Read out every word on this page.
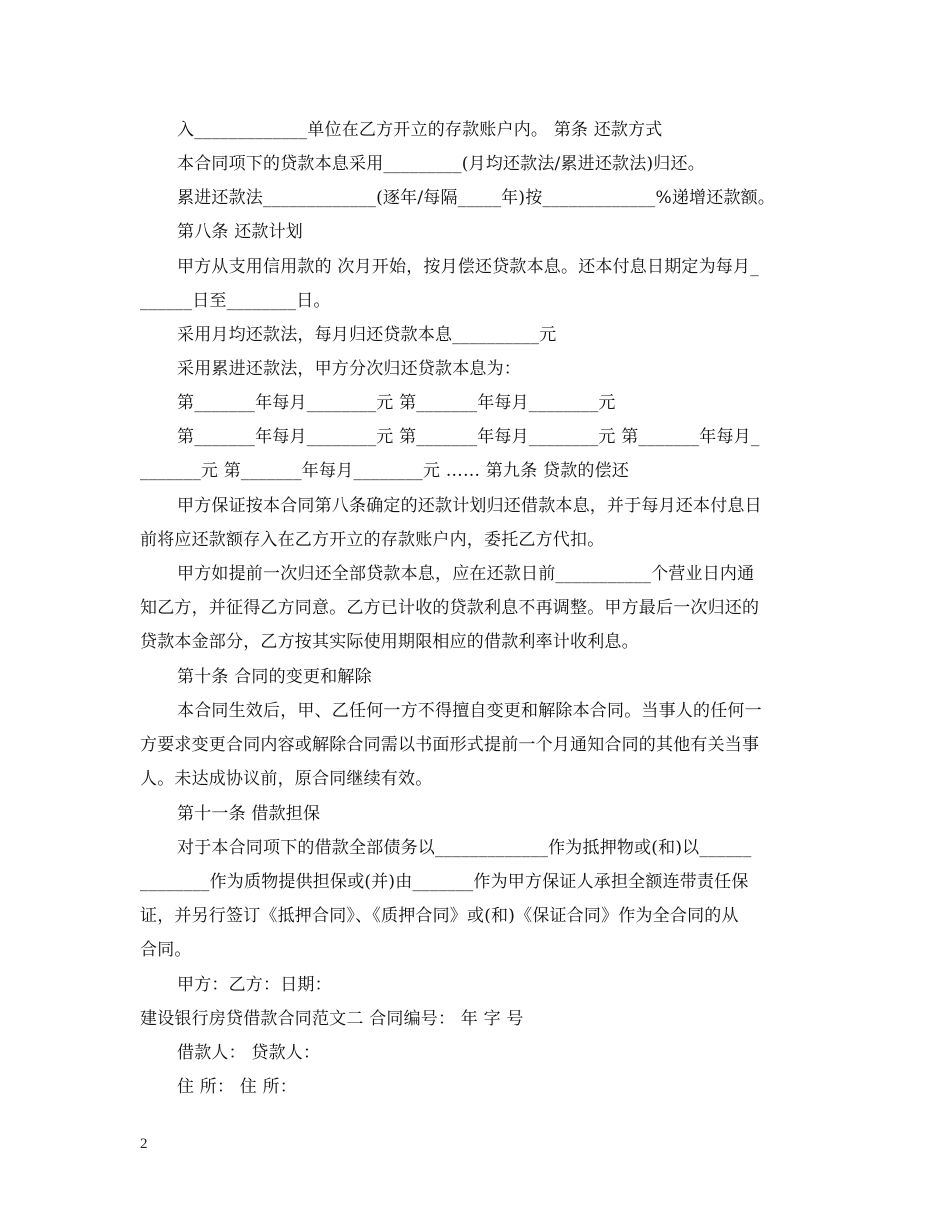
入_____________单位在乙方开立的存款账户内。 第条 还款方式
本合同项下的贷款本息采用_________(月均还款法/累进还款法)归还。
累进还款法_____________(逐年/每隔_____年)按_____________%递增还款额。
第八条 还款计划
甲方从支用信用款的 次月开始，按月偿还贷款本息。还本付息日期定为每月_
______日至________日。
采用月均还款法，每月归还贷款本息__________元
采用累进还款法，甲方分次归还贷款本息为：
第_______年每月________元 第_______年每月________元
第_______年每月________元 第_______年每月________元 第_______年每月_
_______元 第_______年每月________元 …… 第九条 贷款的偿还
甲方保证按本合同第八条确定的还款计划归还借款本息，并于每月还本付息日
前将应还款额存入在乙方开立的存款账户内，委托乙方代扣。
甲方如提前一次归还全部贷款本息，应在还款日前___________个营业日内通
知乙方，并征得乙方同意。乙方已计收的贷款利息不再调整。甲方最后一次归还的
贷款本金部分，乙方按其实际使用期限相应的借款利率计收利息。
第十条 合同的变更和解除
本合同生效后，甲、乙任何一方不得擅自变更和解除本合同。当事人的任何一
方要求变更合同内容或解除合同需以书面形式提前一个月通知合同的其他有关当事
人。未达成协议前，原合同继续有效。
第十一条 借款担保
对于本合同项下的借款全部债务以_____________作为抵押物或(和)以______
________作为质物提供担保或(并)由_______作为甲方保证人承担全额连带责任保
证，并另行签订《抵押合同》、《质押合同》或(和)《保证合同》作为全合同的从
合同。
甲方：乙方：日期：
建设银行房贷借款合同范文二 合同编号： 年 字 号
借款人： 贷款人：
住 所： 住 所：
2
